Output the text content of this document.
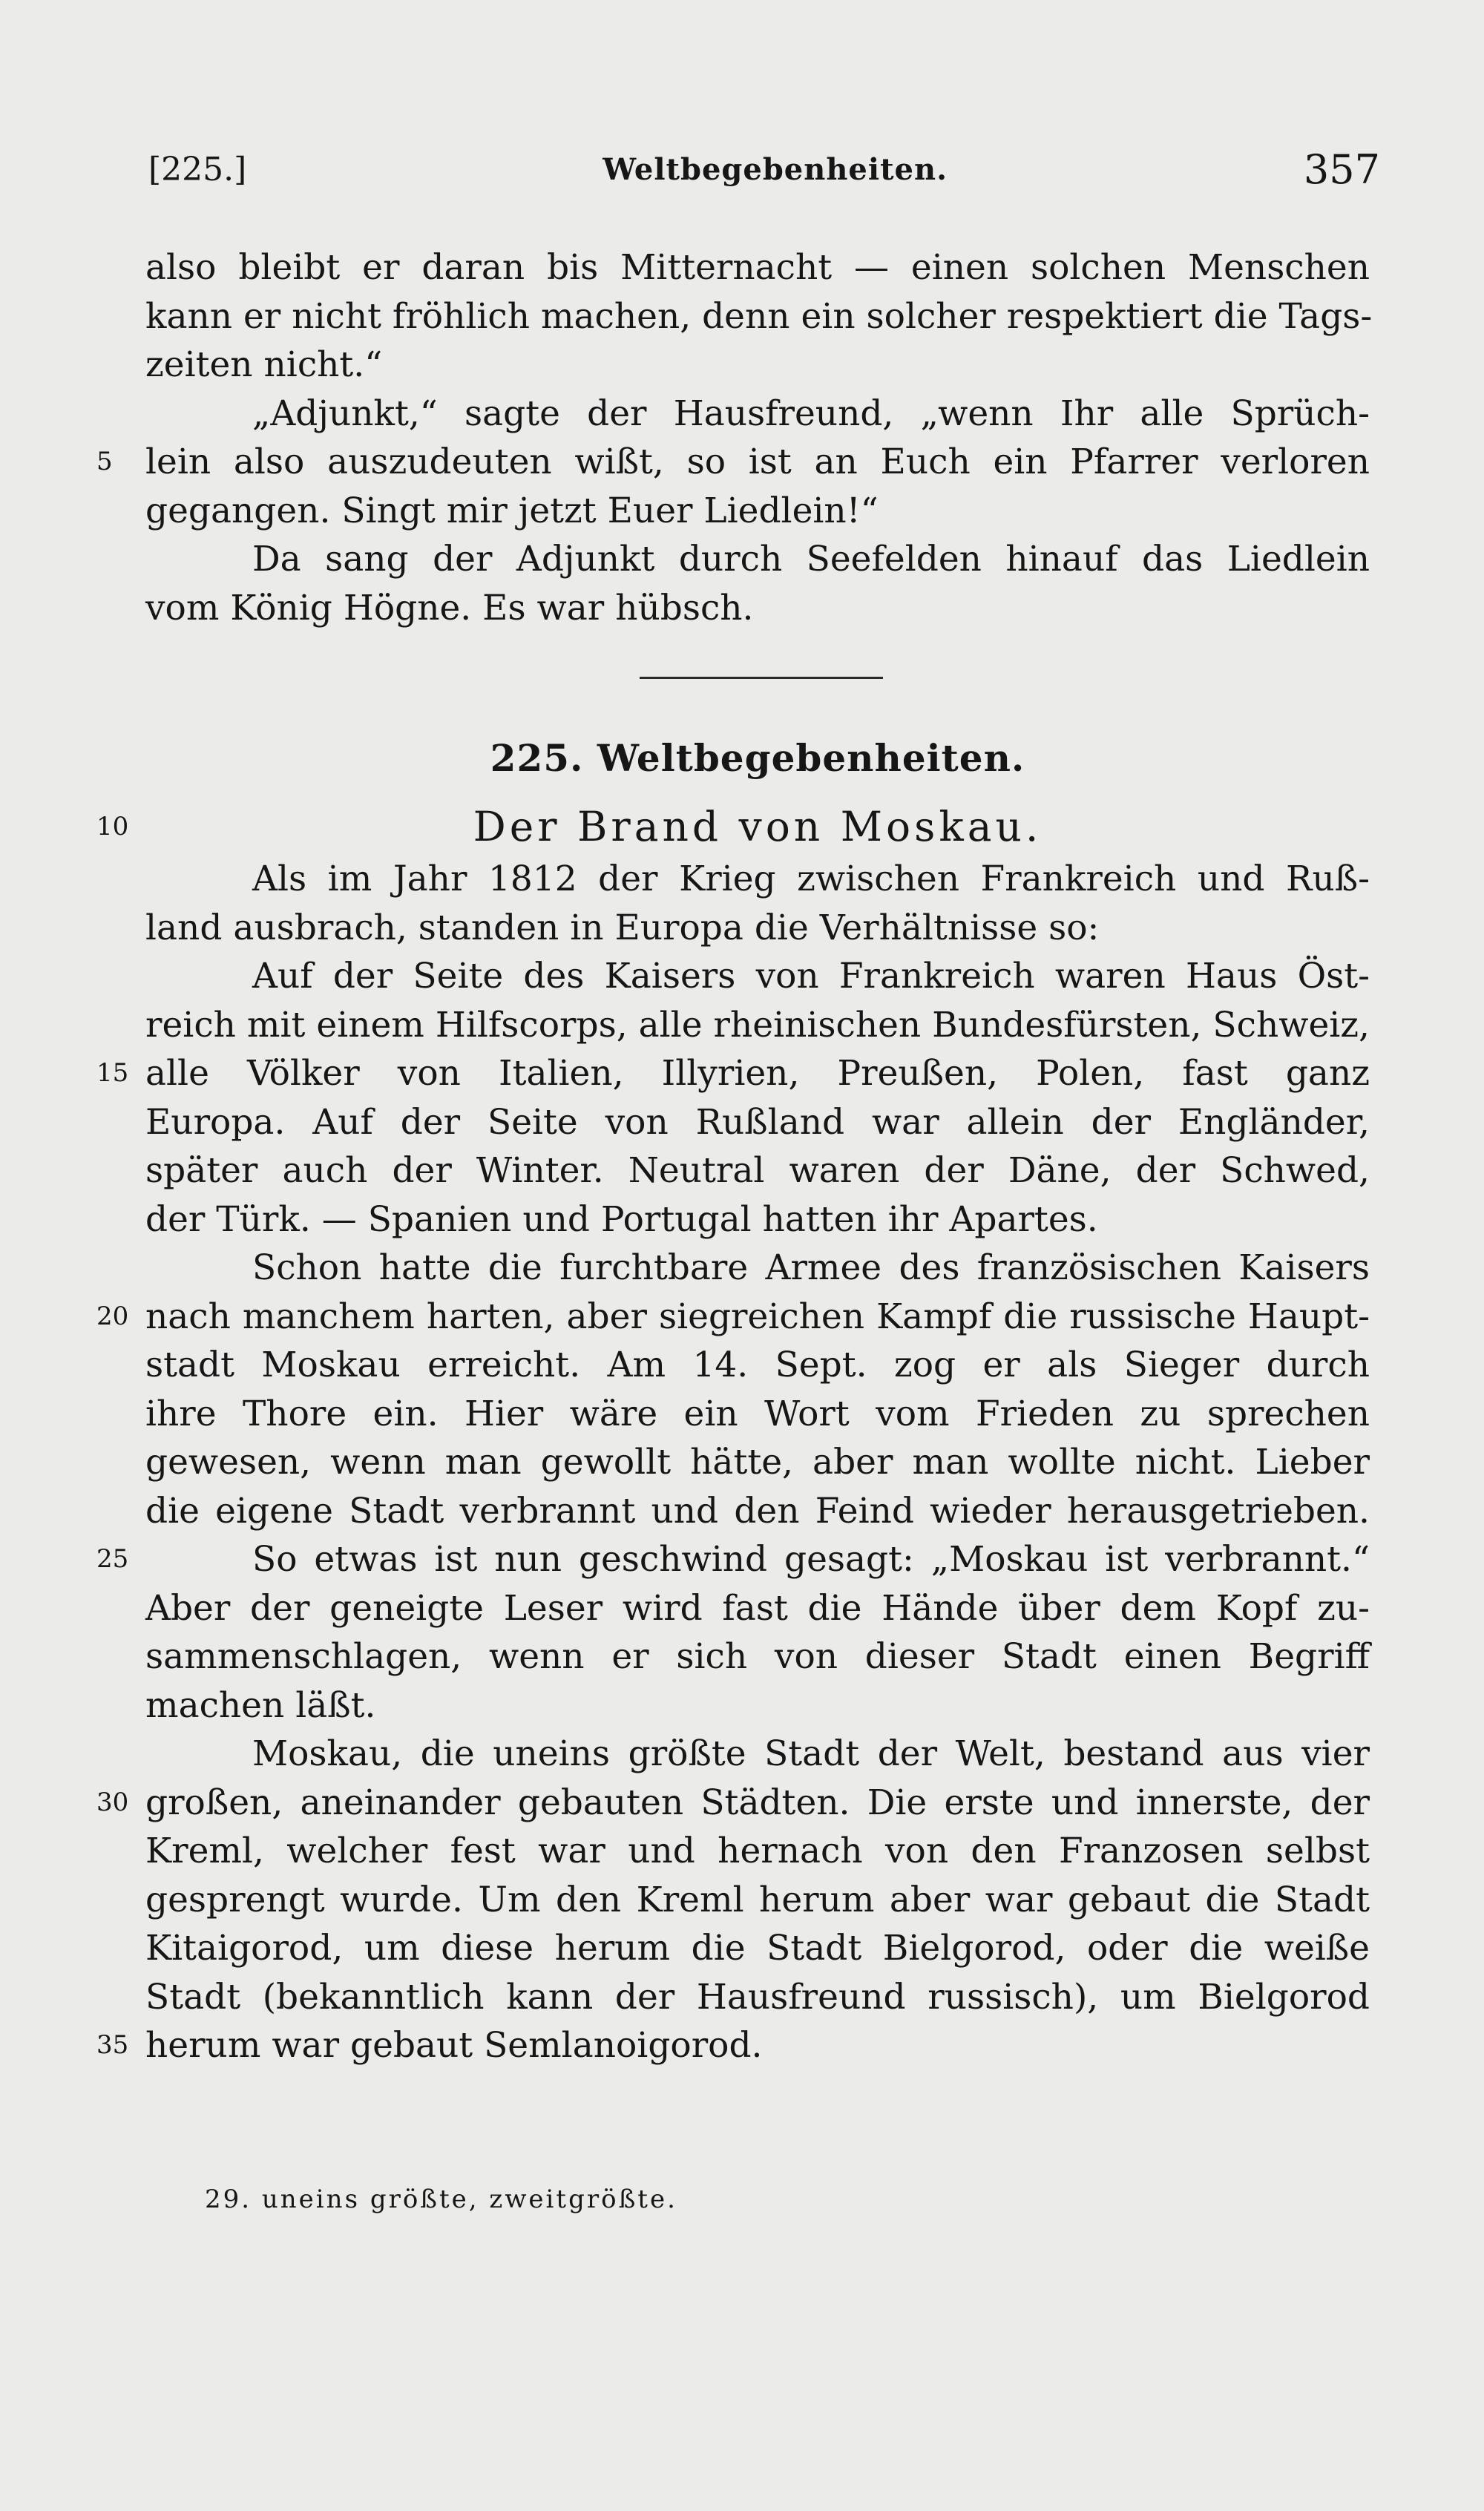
[225.]	Weltbegebenheiten.	357
also bleibt er daran bis Mitternacht — einen solchen Menschen
kann er nicht fröhlich machen, denn ein solcher respektiert die Tags-
zeiten nicht.“
„Adjunkt,“ sagte der Hausfreund, „wenn Ihr alle Sprüch-
5 lein also auszudeuten wißt, so ist an Euch ein Pfarrer verloren
gegangen. Singt mir jetzt Euer Liedlein!“
Da sang der Adjunkt durch Seefelden hinauf das Liedlein
vom König Högne. Es war hübsch.
225. Weltbegebenheiten.
10	Der Brand von Moskau.
Als im Jahr 1812 der Krieg zwischen Frankreich und Ruß-
land ausbrach, standen in Europa die Verhältnisse so:
Auf der Seite des Kaisers von Frankreich waren Haus Öst-
reich mit einem Hilfscorps, alle rheinischen Bundesfürsten, Schweiz,
15 alle Völker von Italien, Illyrien, Preußen, Polen, fast ganz
Europa. Auf der Seite von Rußland war allein der Engländer,
später auch der Winter. Neutral waren der Däne, der Schwed,
der Türk. — Spanien und Portugal hatten ihr Apartes.
Schon hatte die furchtbare Armee des französischen Kaisers
20 nach manchem harten, aber siegreichen Kampf die russische Haupt-
stadt Moskau erreicht. Am 14. Sept. zog er als Sieger durch
ihre Thore ein. Hier wäre ein Wort vom Frieden zu sprechen
gewesen, wenn man gewollt hätte, aber man wollte nicht. Lieber
die eigene Stadt verbrannt und den Feind wieder herausgetrieben.
25	So etwas ist nun geschwind gesagt: „Moskau ist verbrannt.“
Aber der geneigte Leser wird fast die Hände über dem Kopf zu-
sammenschlagen, wenn er sich von dieser Stadt einen Begriff
machen läßt.
Moskau, die uneins größte Stadt der Welt, bestand aus vier
30 großen, aneinander gebauten Städten. Die erste und innerste, der
Kreml, welcher fest war und hernach von den Franzosen selbst
gesprengt wurde. Um den Kreml herum aber war gebaut die Stadt
Kitaigorod, um diese herum die Stadt Bielgorod, oder die weiße
Stadt (bekanntlich kann der Hausfreund russisch), um Bielgorod
35 herum war gebaut Semlanoigorod.
29. uneins größte, zweitgrößte.
